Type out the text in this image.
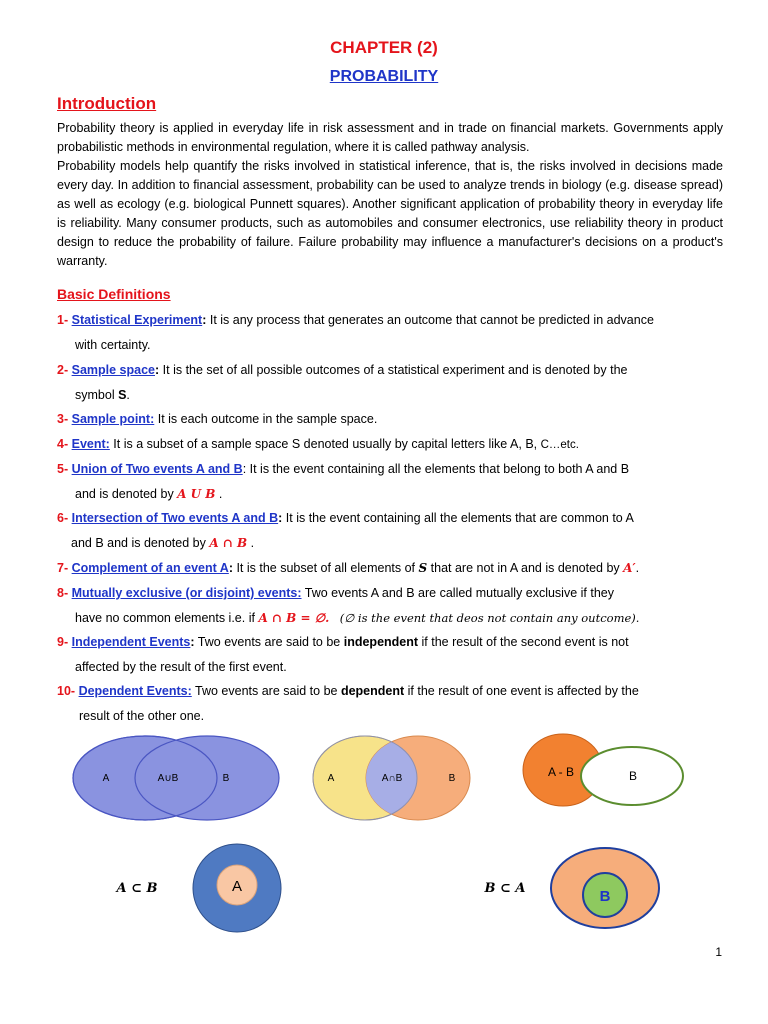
CHAPTER (2)
PROBABILITY
Introduction
Probability theory is applied in everyday life in risk assessment and in trade on financial markets. Governments apply probabilistic methods in environmental regulation, where it is called pathway analysis.
Probability models help quantify the risks involved in statistical inference, that is, the risks involved in decisions made every day. In addition to financial assessment, probability can be used to analyze trends in biology (e.g. disease spread) as well as ecology (e.g. biological Punnett squares). Another significant application of probability theory in everyday life is reliability. Many consumer products, such as automobiles and consumer electronics, use reliability theory in product design to reduce the probability of failure. Failure probability may influence a manufacturer's decisions on a product's warranty.
Basic Definitions
1- Statistical Experiment: It is any process that generates an outcome that cannot be predicted in advance
with certainty.
2- Sample space: It is the set of all possible outcomes of a statistical experiment and is denoted by the
symbol S.
3- Sample point: It is each outcome in the sample space.
4- Event: It is a subset of a sample space S denoted usually by capital letters like A, B, C…etc.
5- Union of Two events A and B: It is the event containing all the elements that belong to both A and B
and is denoted by A U B .
6- Intersection of Two events A and B: It is the event containing all the elements that are common to A
and B and is denoted by A ∩ B .
7- Complement of an event A: It is the subset of all elements of S that are not in A and is denoted by A′.
8- Mutually exclusive (or disjoint) events: Two events A and B are called mutually exclusive if they
have no common elements i.e. if A ∩ B = ∅. (∅ is the event that deos not contain any outcome).
9- Independent Events: Two events are said to be independent if the result of the second event is not
affected by the result of the first event.
10- Dependent Events: Two events are said to be dependent if the result of one event is affected by the
result of the other one.
A	A∪B	B	A	A∩B	B	A - B	B
A ⊂ B	A	B ⊂ A	B
1
